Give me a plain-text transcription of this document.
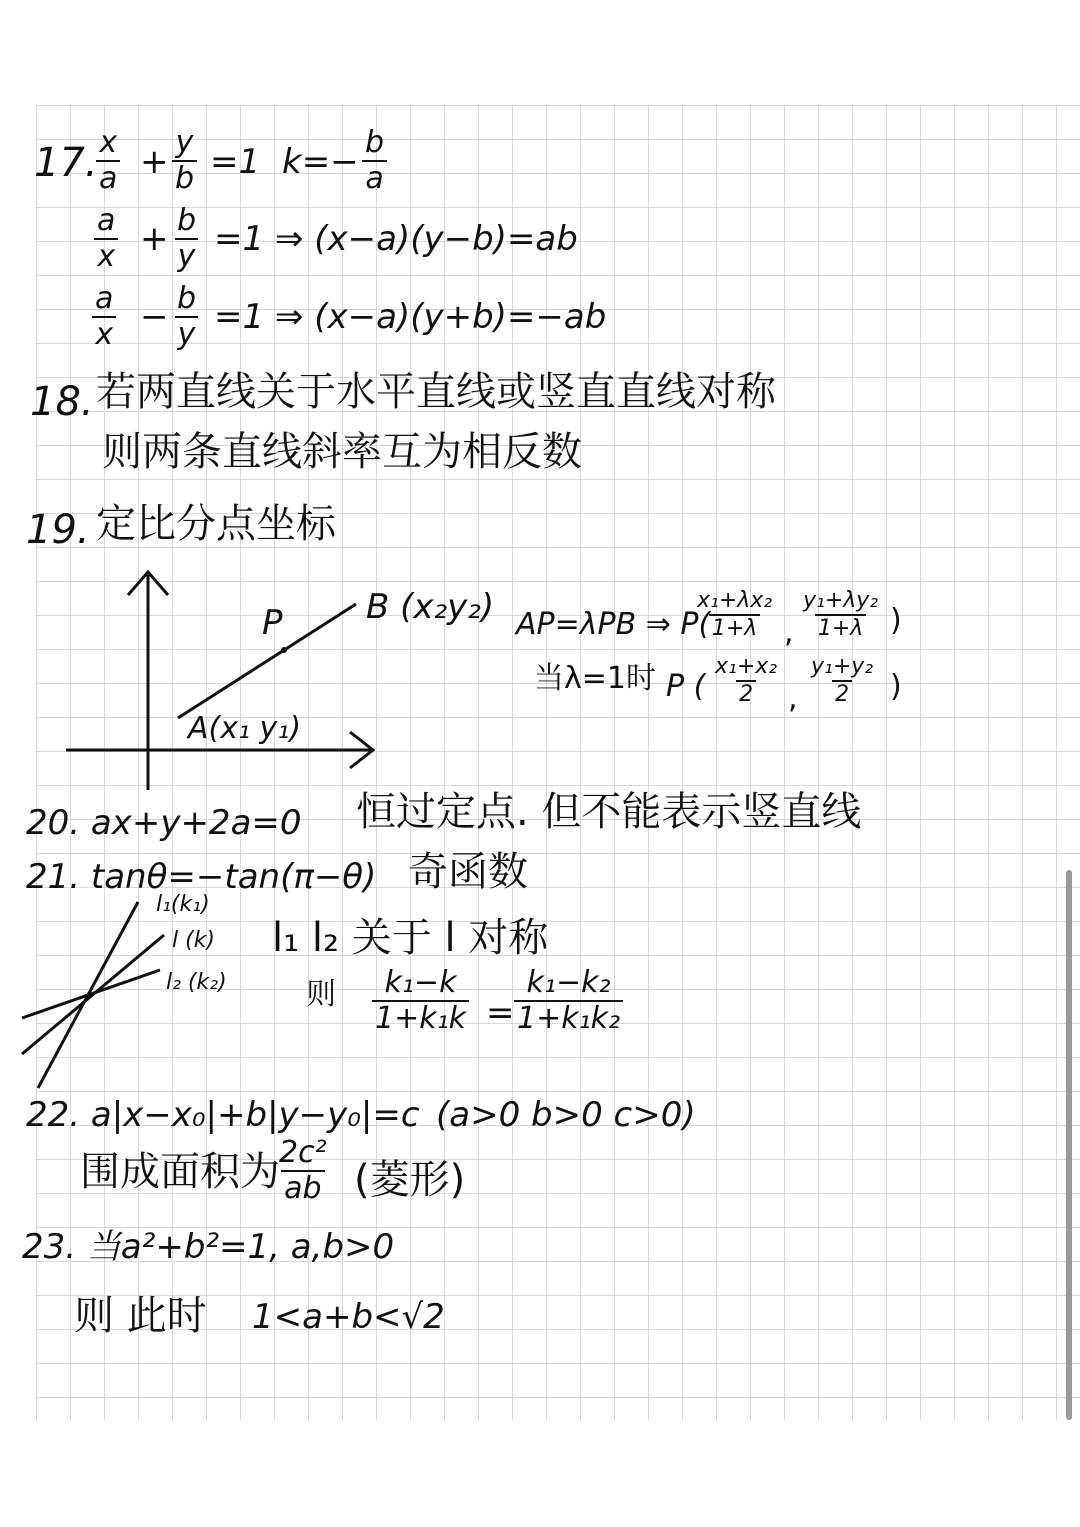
17.
$\frac{x}{a} + \frac{y}{b} =1$ $k=- \frac{b}{a}$
$\frac{a}{x} + \frac{b}{y} =1$ ⇒ (x−a)(y−b)=ab
$\frac{a}{x} - \frac{b}{y} =1$ ⇒ (x−a)(y+b)=−ab
18. 若两直线关于水平直线或竖直直线对称
则两条直线斜率互为相反数
19. 定比分点坐标
P B (x₂y₂)
A(x₁ y₁)
AP=λPB ⇒ P(
$\frac{\text{x₁+λx₂}}{1+\lambda}$ , $\frac{\text{y₁+λy₂}}{1+\lambda}$ )
当λ=1时 P ( $\frac{\text{x₁+x₂}}{2}$ , $\frac{\text{y₁+y₂}}{2}$ )
20. ax+y+2a=0 恒过定点. 但不能表示竖直线
21. tanθ=−tan(π−θ) 奇函数
l₁(k₁)
l (k)
l₂ (k₂)
l₁ l₂ 关于 l 对称
则 $\frac{\text{k₁−k}}{\text{1+k₁k}} = \frac{\text{k₁−k₂}}{\text{1+k₁k₂}}$
22. a|x−x₀|+b|y−y₀|=c (a>0 b>0 c>0)
围成面积为
$\frac{\text{2c²}}{ab}$ (菱形)
23. 当a²+b²=1, a,b>0
则 此时 1<a+b<√2
